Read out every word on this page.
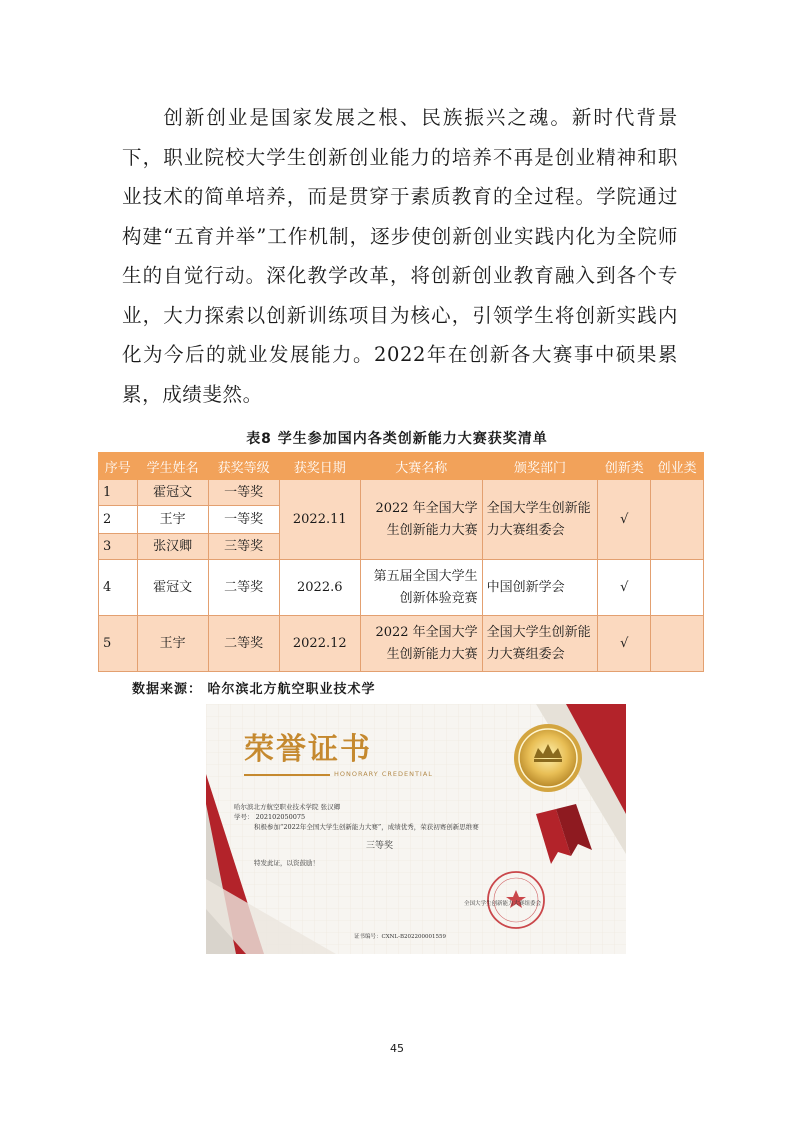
创新创业是国家发展之根、民族振兴之魂。新时代背景下，职业院校大学生创新创业能力的培养不再是创业精神和职业技术的简单培养，而是贯穿于素质教育的全过程。学院通过构建“五育并举”工作机制，逐步使创新创业实践内化为全院师生的自觉行动。深化教学改革，将创新创业教育融入到各个专业，大力探索以创新训练项目为核心，引领学生将创新实践内化为今后的就业发展能力。2022年在创新各大赛事中硕果累累，成绩斐然。
表8 学生参加国内各类创新能力大赛获奖清单
序号	学生姓名	获奖等级	获奖日期	大赛名称	颁奖部门	创新类	创业类
1	霍冠文	一等奖	2022.11	2022 年全国大学生创新能力大赛	全国大学生创新能力大赛组委会	√	
2	王宇	一等奖					
3	张汉卿	三等奖					
4	霍冠文	二等奖	2022.6	第五届全国大学生创新体验竞赛	中国创新学会	√	
5	王宇	二等奖	2022.12	2022 年全国大学生创新能力大赛	全国大学生创新能力大赛组委会	√	
数据来源： 哈尔滨北方航空职业技术学
荣誉证书
HONORARY CREDENTIAL
哈尔滨北方航空职业技术学院 张汉卿
学号： 202102050075
积极参加“2022年全国大学生创新能力大赛”，成绩优秀，荣获初赛创新思维赛
三等奖
特发此证，以资鼓励！
全国大学生创新能力大赛组委会
证书编号：CXNL-B202200001559
45
